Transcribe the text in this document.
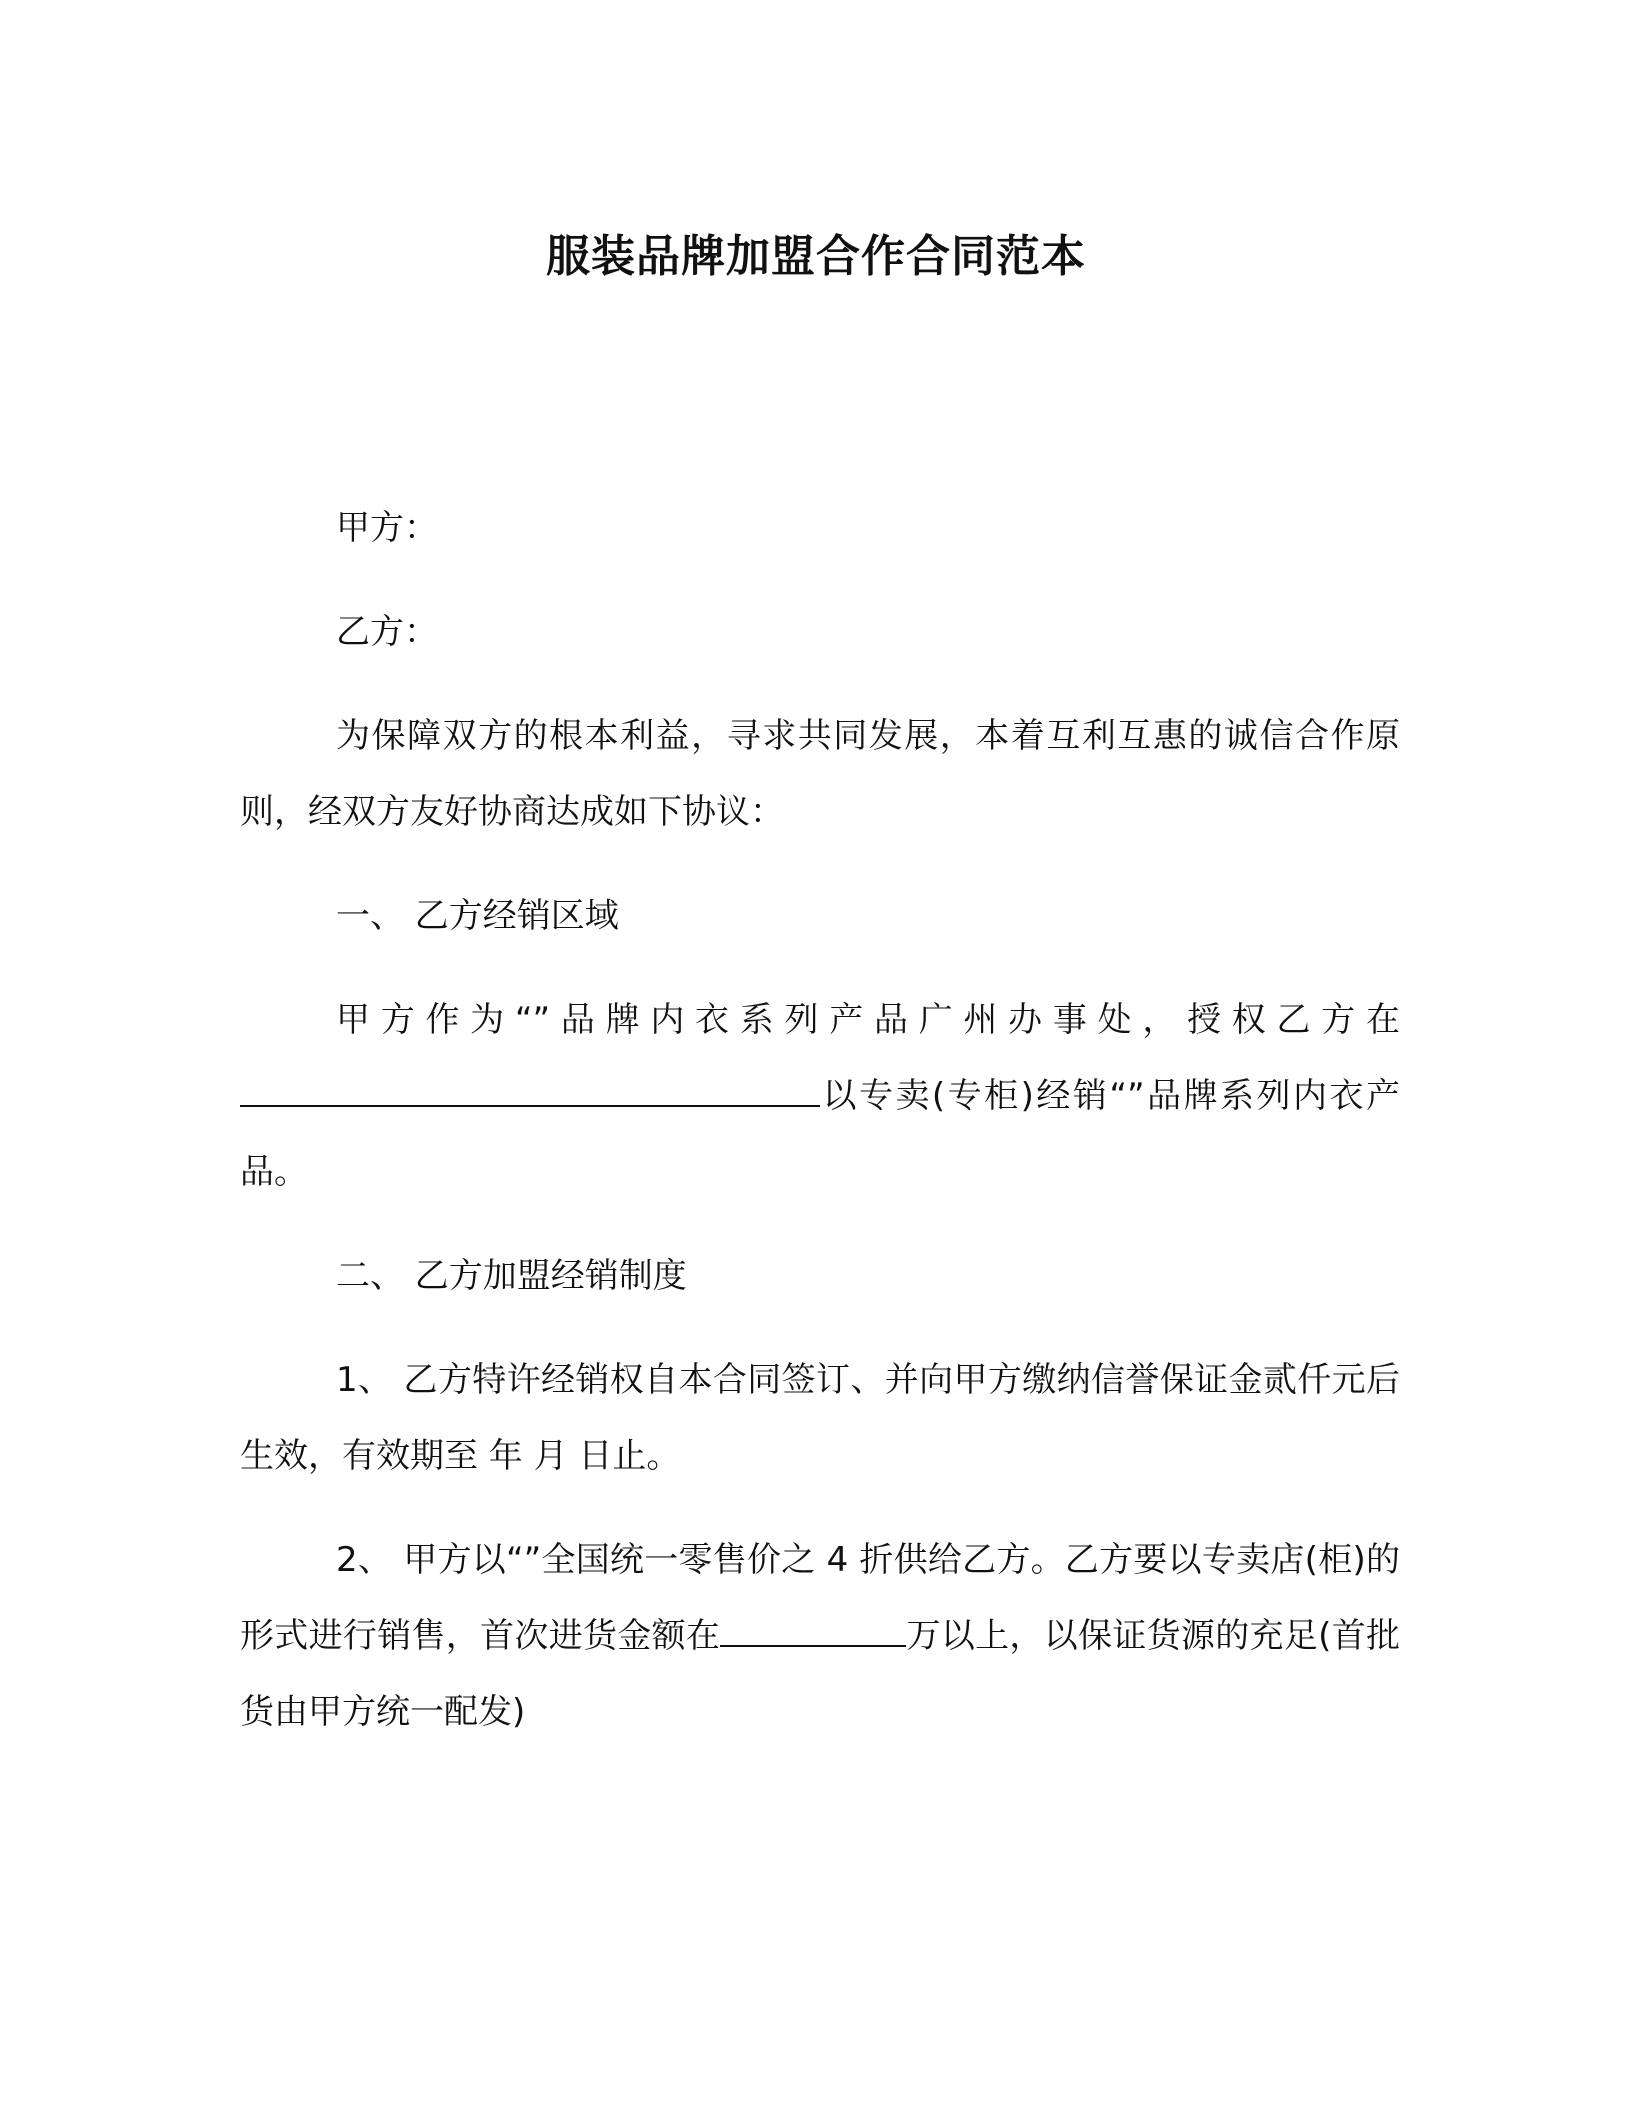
服装品牌加盟合作合同范本

甲方：

乙方：

为保障双方的根本利益，寻求共同发展，本着互利互惠的诚信合作原则，经双方友好协商达成如下协议：

一、 乙方经销区域

甲方作为“”品牌内衣系列产品广州办事处，授权乙方在以专卖(专柜)经销“”品牌系列内衣产品。

二、 乙方加盟经销制度

1、 乙方特许经销权自本合同签订、并向甲方缴纳信誉保证金贰仟元后生效，有效期至 年 月 日止。

2、 甲方以“”全国统一零售价之 4 折供给乙方。乙方要以专卖店(柜)的形式进行销售，首次进货金额在	万以上，以保证货源的充足(首批货由甲方统一配发)
